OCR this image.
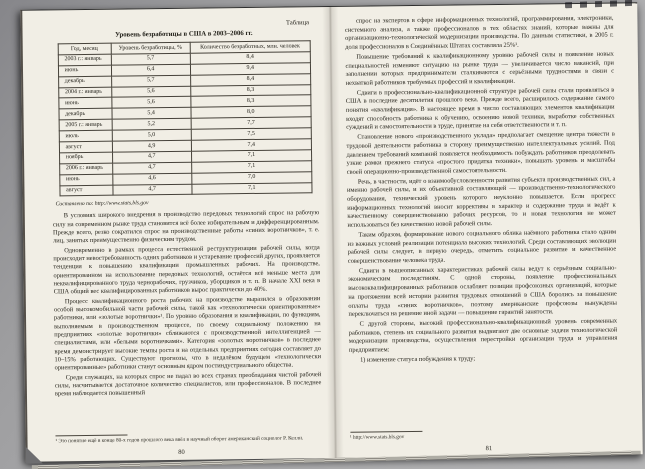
Таблица
Уровень безработицы в США в 2003–2006 гг.
Год, месяц	Уровень безработицы, %	Количество безработных, млн. человек
2003 г.: январь	5,7	8,4
июнь	6,4	9,4
декабрь	5,7	8,4
2004 г.: январь	5,6	8,3
июнь	5,6	8,3
декабрь	5,4	8,0
2005 г.: январь	5,2	7,7
июль	5,0	7,5
август	4,9	7,4
ноябрь	4,7	7,1
2006 г.: январь	4,7	7,1
июнь	4,6	7,0
август	4,7	7,1
Составлено по: http://www.stats.bls.gov

В условиях широкого внедрения в производство передовых технологий спрос на рабочую силу на современном рынке труда становится всё более избирательным и дифференцированным. Прежде всего, резко сократился спрос на производственные работы «синих воротничков», т. е. лиц, занятых преимущественно физическим трудом.

Одновременно в рамках процесса естественной реструктуризации рабочей силы, когда происходит невостребованность одних работников и устаревание профессий других, проявляется тенденция к повышению квалификации промышленных рабочих. На производстве, ориентированном на использование передовых технологий, остаётся всё меньше места для неквалифицированного труда чернорабочих, грузчиков, уборщиков и т. п. В начале XXI века в США общий вес квалифицированных работников вырос практически до 40%.

Процесс квалификационного роста рабочих на производстве выразился в образовании особой высокомобильной части рабочей силы, такой как «технологически ориентированные» работники, или «золотые воротнички»¹. По уровню образования и квалификации, по функциям, выполняемым в производственном процессе, по своему социальному положению на предприятиях «золотые воротнички» сближаются с производственной интеллигенцией — специалистами, или «белыми воротничками». Категория «золотых воротничков» в последнее время демонстрирует высокие темпы роста и на отдельных предприятиях сегодня составляет до 10–15% работающих. Существуют прогнозы, что в недалёком будущем «технологически ориентированные» работники станут основным ядром постиндустриального общества.

Среди служащих, на которых спрос не падал во всех странах преобладания чистой рабочей силы, насчитывается достаточное количество специалистов, или профессионалов. В последнее время наблюдается повышенный

¹ Это понятие ещё в конце 80-х годов прошлого века ввёл в научный оборот американский социолог Р. Келли.
80

спрос на экспертов в сфере информационных технологий, программирования, электроники, системного анализа, а также профессионалов в тех областях знаний, которые важны для организационно-технологической модернизации производства. По данным статистики, в 2005 г. доля профессионалов в Соединённых Штатах составляла 25%¹.

Повышение требований к квалификационному уровню рабочей силы и появление новых специальностей изменяют ситуацию на рынке труда — увеличивается число вакансий, при заполнении которых предприниматели сталкиваются с серьёзными трудностями в связи с нехваткой работников требуемых профессий и квалификации.

Сдвиги в профессионально-квалификационной структуре рабочей силы стали проявляться в США в последние десятилетия прошлого века. Прежде всего, расширилось содержание самого понятия «квалификация». В настоящее время в число составляющих элементов квалификации входят способность работника к обучению, освоению новой техники, выработке собственных суждений и самостоятельности в труде, принятие на себя ответственности и т. п.

Становление нового «производственного уклада» предполагает смещение центра тяжести в трудовой деятельности работника в сторону преимущественно интеллектуальных усилий. Под давлением требований компаний появляется необходимость побуждать работников преодолевать узкие рамки прежнего статуса «простого придатка техники», повышать уровень и масштабы своей операционно-производственной самостоятельности.

Речь, в частности, идёт о взаимообусловленности развития субъекта производственных сил, а именно рабочей силы, и их объективной составляющей — производственно-технологического оборудования, технический уровень которого неуклонно повышается. Если прогресс информационных технологий вносит коррективы в характер и содержание труда и ведёт к качественному совершенствованию рабочих ресурсов, то и новая технология не может использоваться без качественно новой рабочей силы.

Таким образом, формирование нового социального облика наёмного работника стало одним из важных условий реализации потенциала высоких технологий. Среди составляющих эволюции рабочей силы следует, в первую очередь, отметить социальное развитие и качественное совершенствование человека труда.

Сдвиги в вышеописанных характеристиках рабочей силы ведут к серьёзным социально-экономическим последствиям. С одной стороны, появление профессиональных высококвалифицированных работников ослабляет позиции профсоюзных организаций, которые на протяжении всей истории развития трудовых отношений в США боролись за повышение оплаты труда «синих воротничков», поэтому американские профсоюзы вынуждены переключаться на решение иной задачи — повышение гарантий занятости.

С другой стороны, высокий профессионально-квалификационный уровень современных работников, степень их социального развития выдвигают две основные задачи технологической модернизации производства, осуществления перестройки организации труда и управления предприятием:

1) изменение статуса побуждения к труду;

¹ http://www.stats.bls.gov
81
